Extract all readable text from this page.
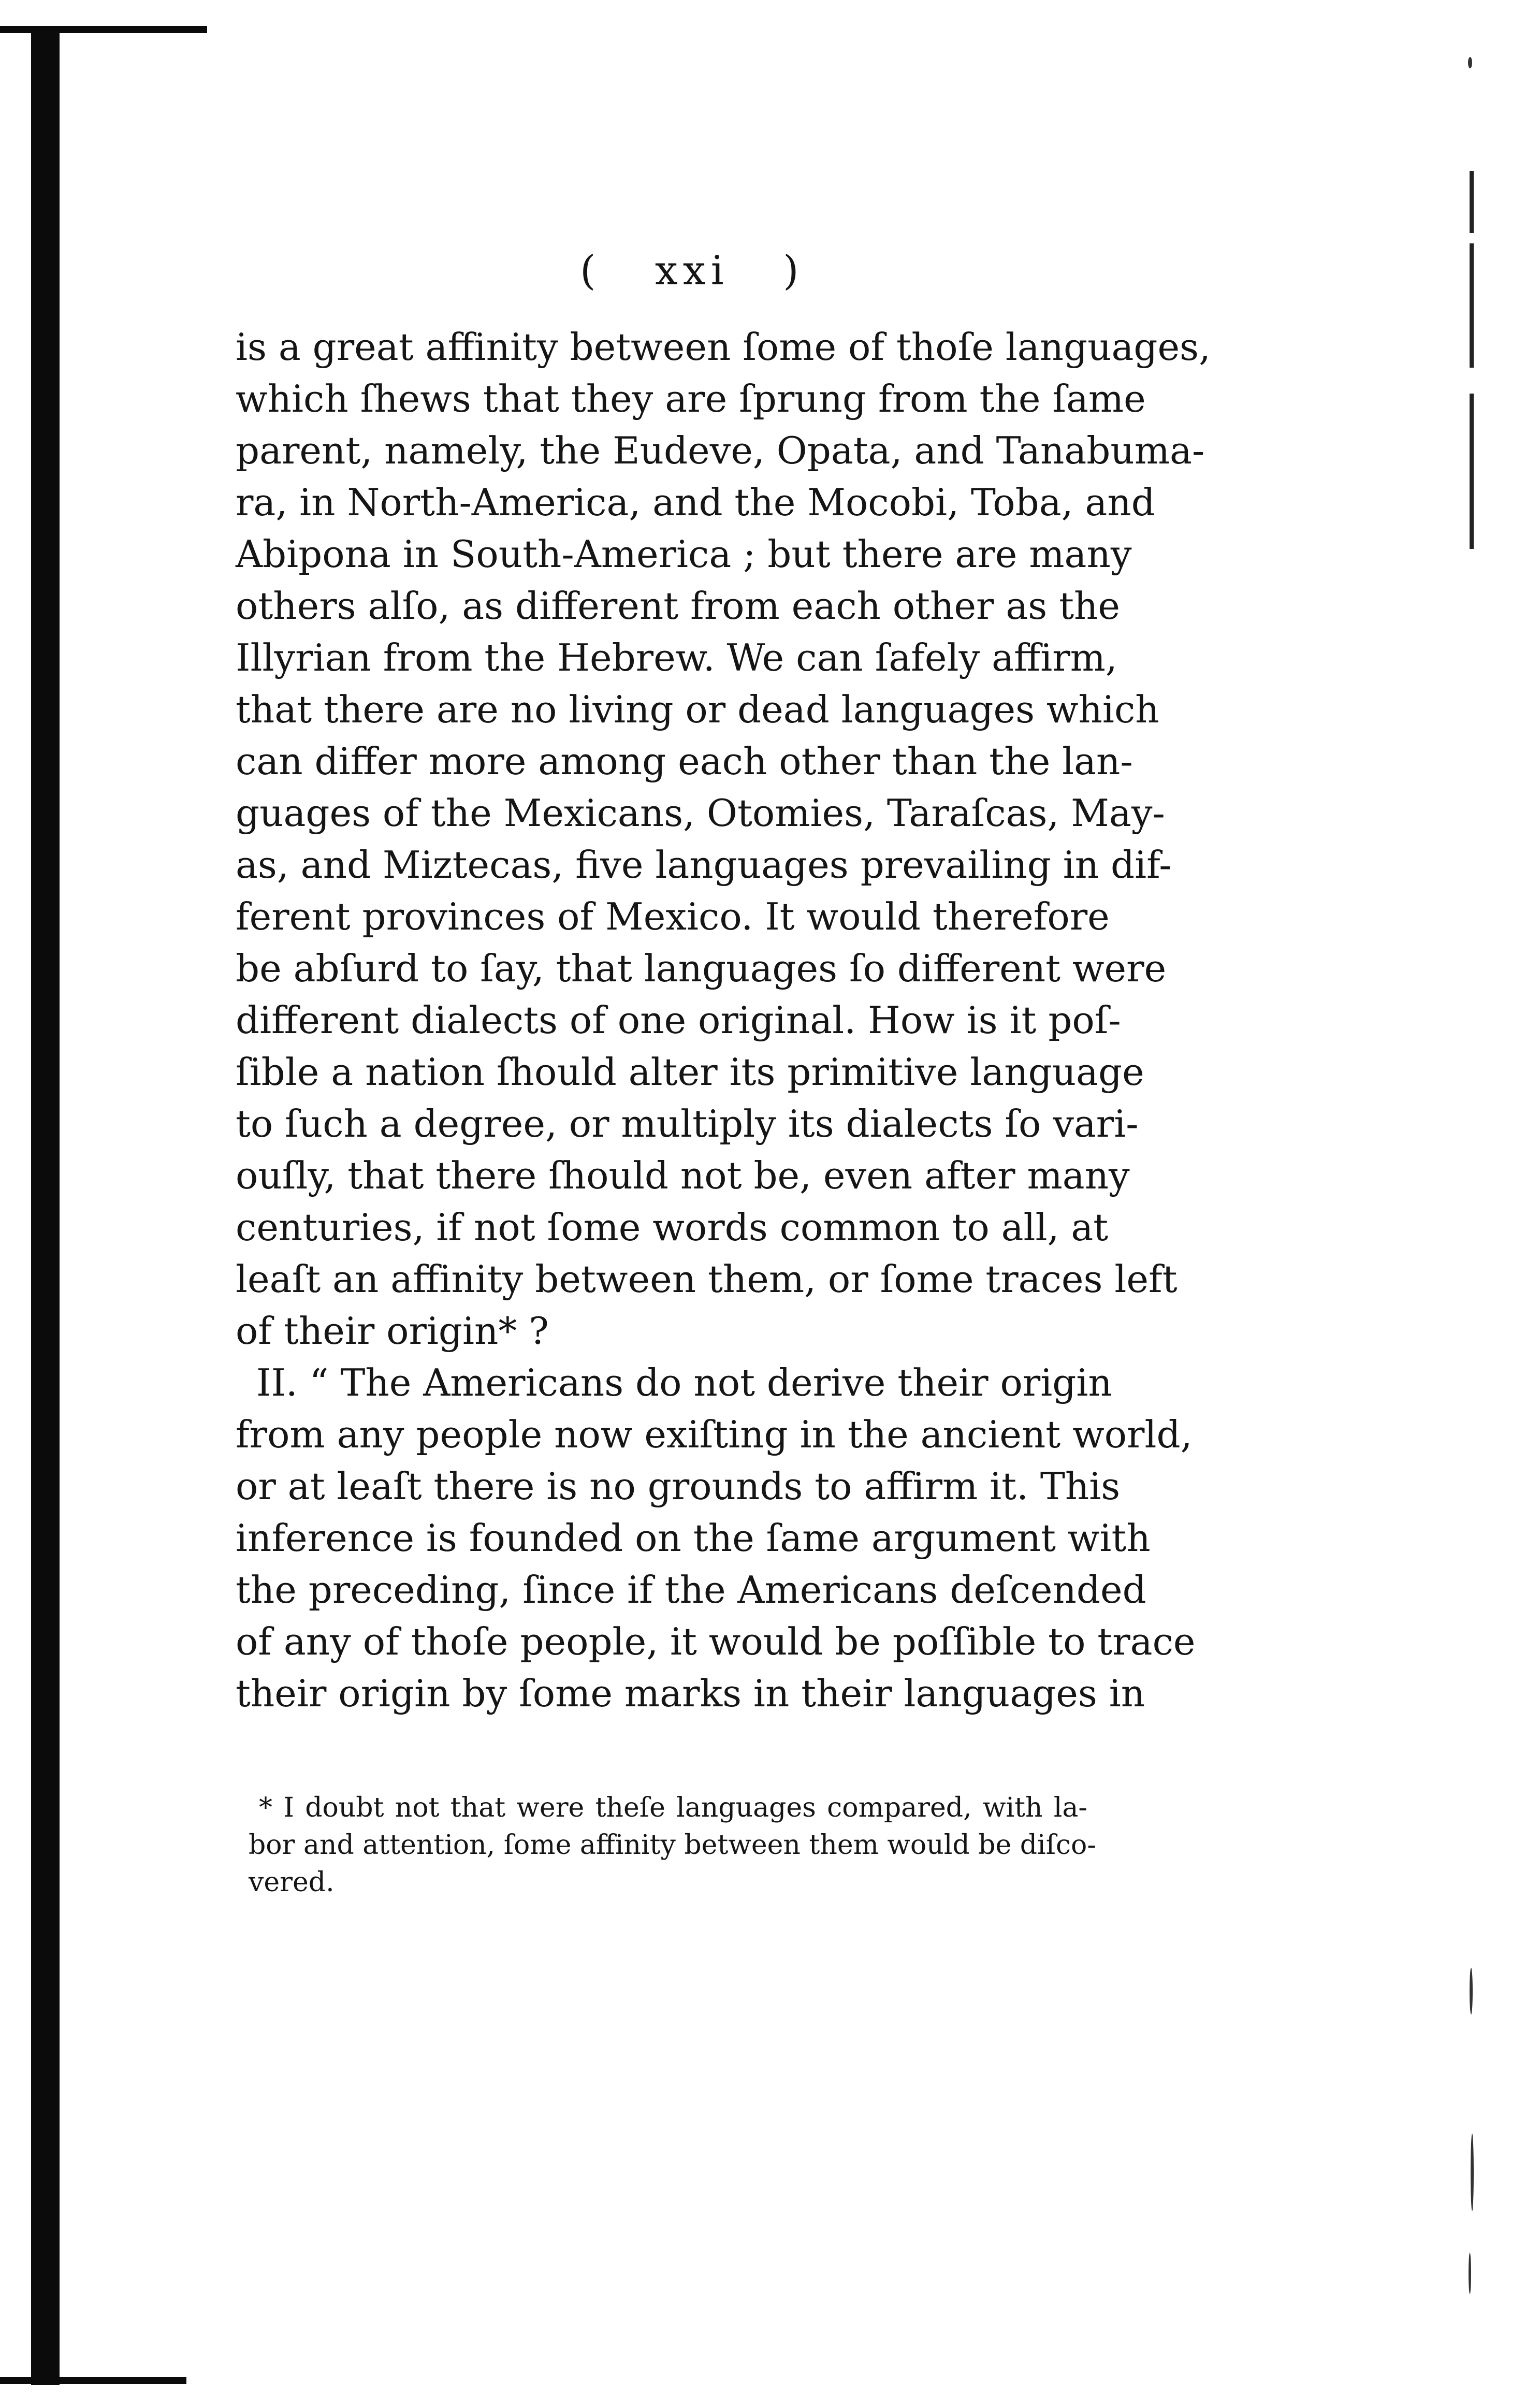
(   xxi   )
is a great affinity between ſome of thoſe languages,
which ſhews that they are ſprung from the ſame
parent, namely, the Eudeve, Opata, and Tanabuma-
ra, in North-America, and the Mocobi, Toba, and
Abipona in South-America ; but there are many
others alſo, as different from each other as the
Illyrian from the Hebrew. We can ſafely affirm,
that there are no living or dead languages which
can differ more among each other than the lan-
guages of the Mexicans, Otomies, Taraſcas, May-
as, and Miztecas, five languages prevailing in dif-
ferent provinces of Mexico. It would therefore
be abſurd to ſay, that languages ſo different were
different dialects of one original. How is it poſ-
ſible a nation ſhould alter its primitive language
to ſuch a degree, or multiply its dialects ſo vari-
ouſly, that there ſhould not be, even after many
centuries, if not ſome words common to all, at
leaſt an affinity between them, or ſome traces left
of their origin* ?
II. “ The Americans do not derive their origin
from any people now exiſting in the ancient world,
or at leaſt there is no grounds to affirm it. This
inference is founded on the ſame argument with
the preceding, ſince if the Americans deſcended
of any of thoſe people, it would be poſſible to trace
their origin by ſome marks in their languages in
* I doubt not that were theſe languages compared, with la-
bor and attention, ſome affinity between them would be diſco-
vered.
